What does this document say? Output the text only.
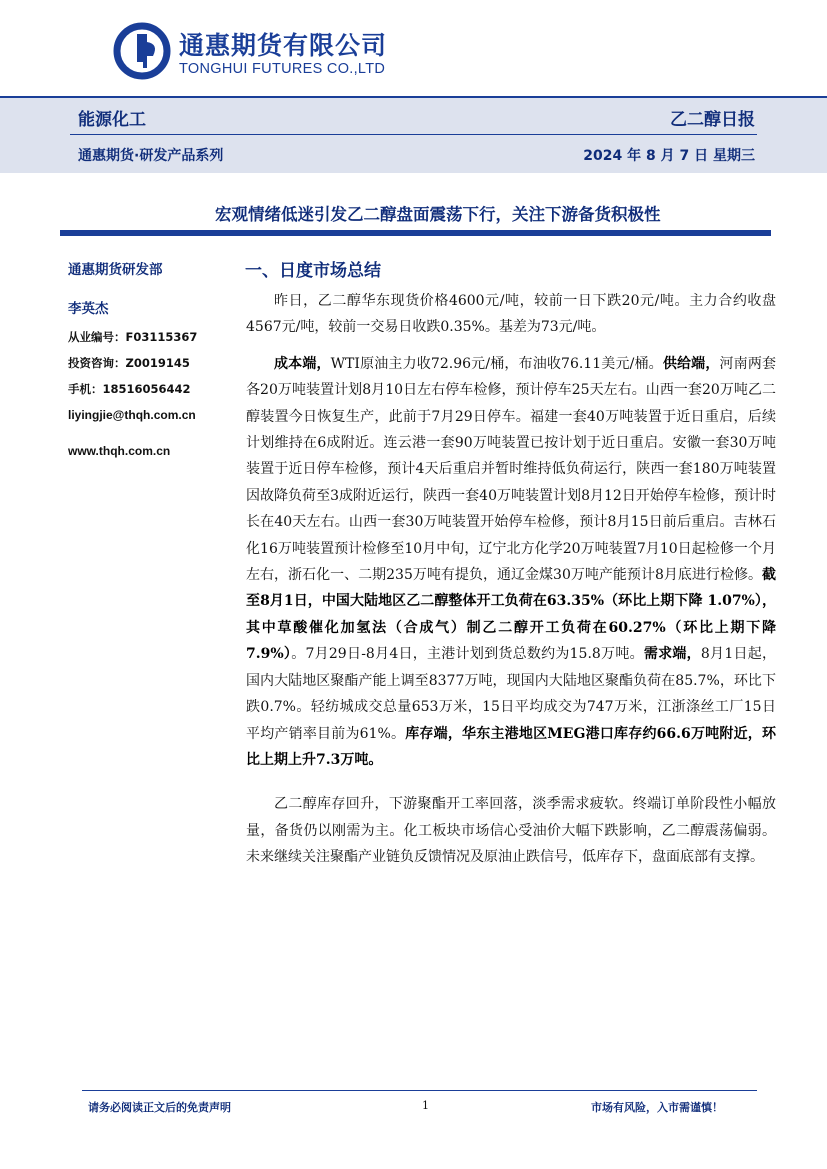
通惠期货有限公司
TONGHUI FUTURES CO.,LTD
能源化工	乙二醇日报
通惠期货·研发产品系列	2024 年 8 月 7 日 星期三
宏观情绪低迷引发乙二醇盘面震荡下行，关注下游备货积极性
通惠期货研发部
李英杰
从业编号：F03115367
投资咨询：Z0019145
手机：18516056442
liyingjie@thqh.com.cn
www.thqh.com.cn
一、日度市场总结

昨日，乙二醇华东现货价格4600元/吨，较前一日下跌20元/吨。主力合约收盘4567元/吨，较前一交易日收跌0.35%。基差为73元/吨。

成本端，WTI原油主力收72.96元/桶，布油收76.11美元/桶。供给端，河南两套各20万吨装置计划8月10日左右停车检修，预计停车25天左右。山西一套20万吨乙二醇装置今日恢复生产，此前于7月29日停车。福建一套40万吨装置于近日重启，后续计划维持在6成附近。连云港一套90万吨装置已按计划于近日重启。安徽一套30万吨装置于近日停车检修，预计4天后重启并暂时维持低负荷运行，陕西一套180万吨装置因故降负荷至3成附近运行，陕西一套40万吨装置计划8月12日开始停车检修，预计时长在40天左右。山西一套30万吨装置开始停车检修，预计8月15日前后重启。吉林石化16万吨装置预计检修至10月中旬，辽宁北方化学20万吨装置7月10日起检修一个月左右，浙石化一、二期235万吨有提负，通辽金煤30万吨产能预计8月底进行检修。截至8月1日，中国大陆地区乙二醇整体开工负荷在63.35%（环比上期下降 1.07%），其中草酸催化加氢法（合成气）制乙二醇开工负荷在60.27%（环比上期下降7.9%）。7月29日-8月4日，主港计划到货总数约为15.8万吨。需求端，8月1日起，国内大陆地区聚酯产能上调至8377万吨，现国内大陆地区聚酯负荷在85.7%，环比下跌0.7%。轻纺城成交总量653万米，15日平均成交为747万米，江浙涤丝工厂15日平均产销率目前为61%。库存端，华东主港地区MEG港口库存约66.6万吨附近，环比上期上升7.3万吨。

乙二醇库存回升，下游聚酯开工率回落，淡季需求疲软。终端订单阶段性小幅放量，备货仍以刚需为主。化工板块市场信心受油价大幅下跌影响，乙二醇震荡偏弱。未来继续关注聚酯产业链负反馈情况及原油止跌信号，低库存下，盘面底部有支撑。

请务必阅读正文后的免责声明	1	市场有风险，入市需谨慎！
